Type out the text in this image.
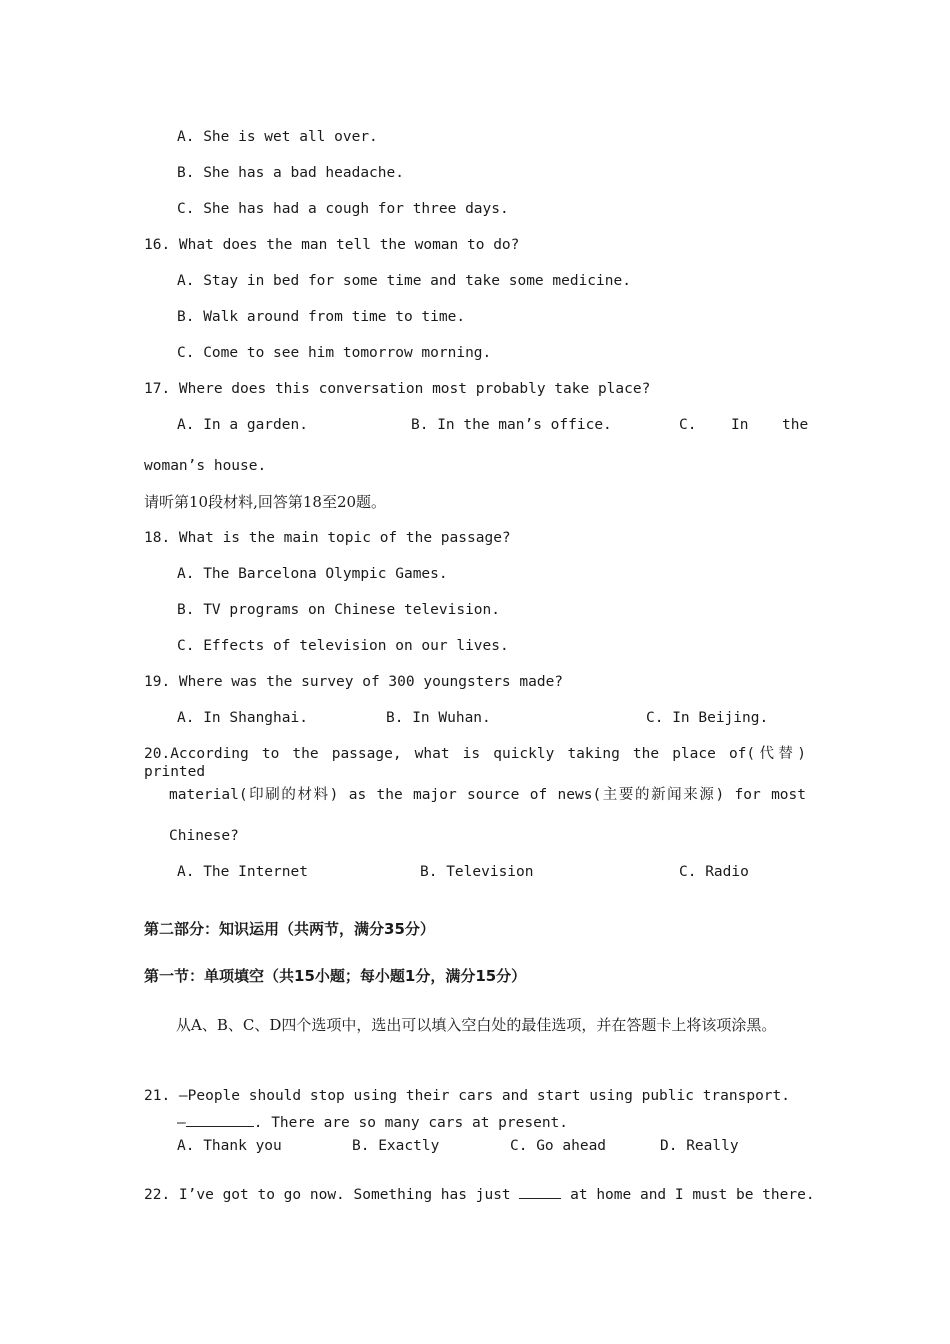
A. She is wet all over.
B. She has a bad headache.
C. She has had a cough for three days.
16. What does the man tell the woman to do?
A. Stay in bed for some time and take some medicine.
B. Walk around from time to time.
C. Come to see him tomorrow morning.
17. Where does this conversation most probably take place?
A. In a garden.	B. In the man’s office.	C. In the
woman’s house.
请听第10段材料,回答第18至20题。
18. What is the main topic of the passage?
A. The Barcelona Olympic Games.
B. TV programs on Chinese television.
C. Effects of television on our lives.
19. Where was the survey of 300 youngsters made?
A. In Shanghai.	B. In Wuhan.	C. In Beijing.
20.According to the passage, what is quickly taking the place of(代替) printed
material(印刷的材料) as the major source of news(主要的新闻来源) for most
Chinese?
A. The Internet	B. Television	C. Radio
第二部分：知识运用（共两节，满分35分）
第一节：单项填空（共15小题；每小题1分，满分15分）
从A、B、C、D四个选项中，选出可以填入空白处的最佳选项，并在答题卡上将该项涂黑。
21. —People should stop using their cars and start using public transport.
—	. There are so many cars at present.
A. Thank you	B. Exactly	C. Go ahead	D. Really
22. I’ve got to go now. Something has just	at home and I must be there.
